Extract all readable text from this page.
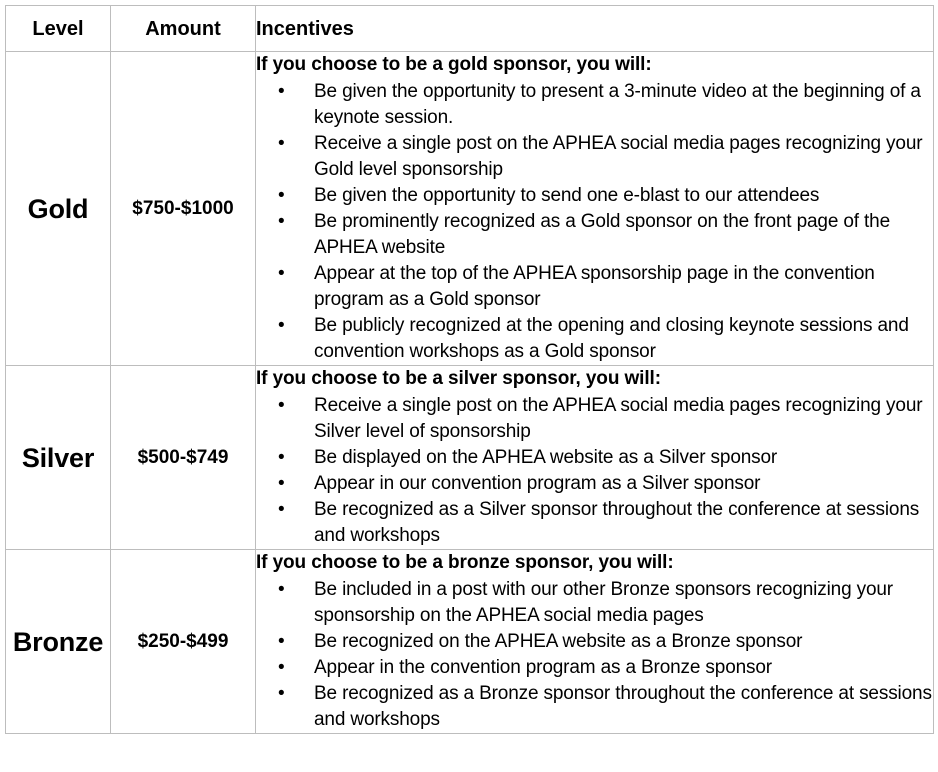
Level	Amount	Incentives
Gold	$750-$1000	
If you choose to be a gold sponsor, you will:
• Be given the opportunity to present a 3-minute video at the beginning of a keynote session.
• Receive a single post on the APHEA social media pages recognizing your Gold level sponsorship
• Be given the opportunity to send one e-blast to our attendees
• Be prominently recognized as a Gold sponsor on the front page of the APHEA website
• Appear at the top of the APHEA sponsorship page in the convention program as a Gold sponsor
• Be publicly recognized at the opening and closing keynote sessions and convention workshops as a Gold sponsor

Silver	$500-$749	
If you choose to be a silver sponsor, you will:
• Receive a single post on the APHEA social media pages recognizing your Silver level of sponsorship
• Be displayed on the APHEA website as a Silver sponsor
• Appear in our convention program as a Silver sponsor
• Be recognized as a Silver sponsor throughout the conference at sessions and workshops

Bronze	$250-$499	
If you choose to be a bronze sponsor, you will:
• Be included in a post with our other Bronze sponsors recognizing your sponsorship on the APHEA social media pages
• Be recognized on the APHEA website as a Bronze sponsor
• Appear in the convention program as a Bronze sponsor
• Be recognized as a Bronze sponsor throughout the conference at sessions and workshops
